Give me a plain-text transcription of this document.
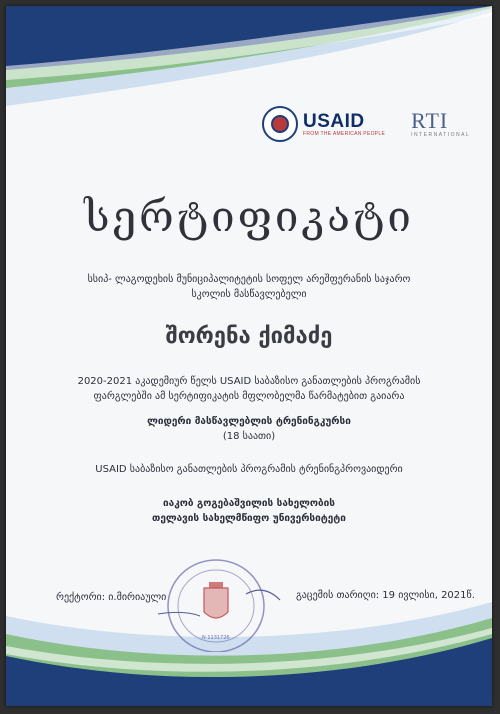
USAID
FROM THE AMERICAN PEOPLE
RTI
INTERNATIONAL
სერტიფიკატი
სსიპ- ლაგოდეხის მუნიციპალიტეტის სოფელ არეშფერანის საჯარო
სკოლის მასწავლებელი
შორენა ქიმაძე
2020-2021 აკადემიურ წელს USAID საბაზისო განათლების პროგრამის
ფარგლებში ამ სერტიფიკატის მფლობელმა წარმატებით გაიარა
ლიდერი მასწავლებლის ტრენინგკურსი
(18 საათი)
USAID საბაზისო განათლების პროგრამის ტრენინგპროვაიდერი
იაკობ გოგებაშვილის სახელობის
თელავის სახელმწიფო უნივერსიტეტი
N 1131726
რექტორი: ი.მირიაული	გაცემის თარიღი: 19 ივლისი, 2021წ.
